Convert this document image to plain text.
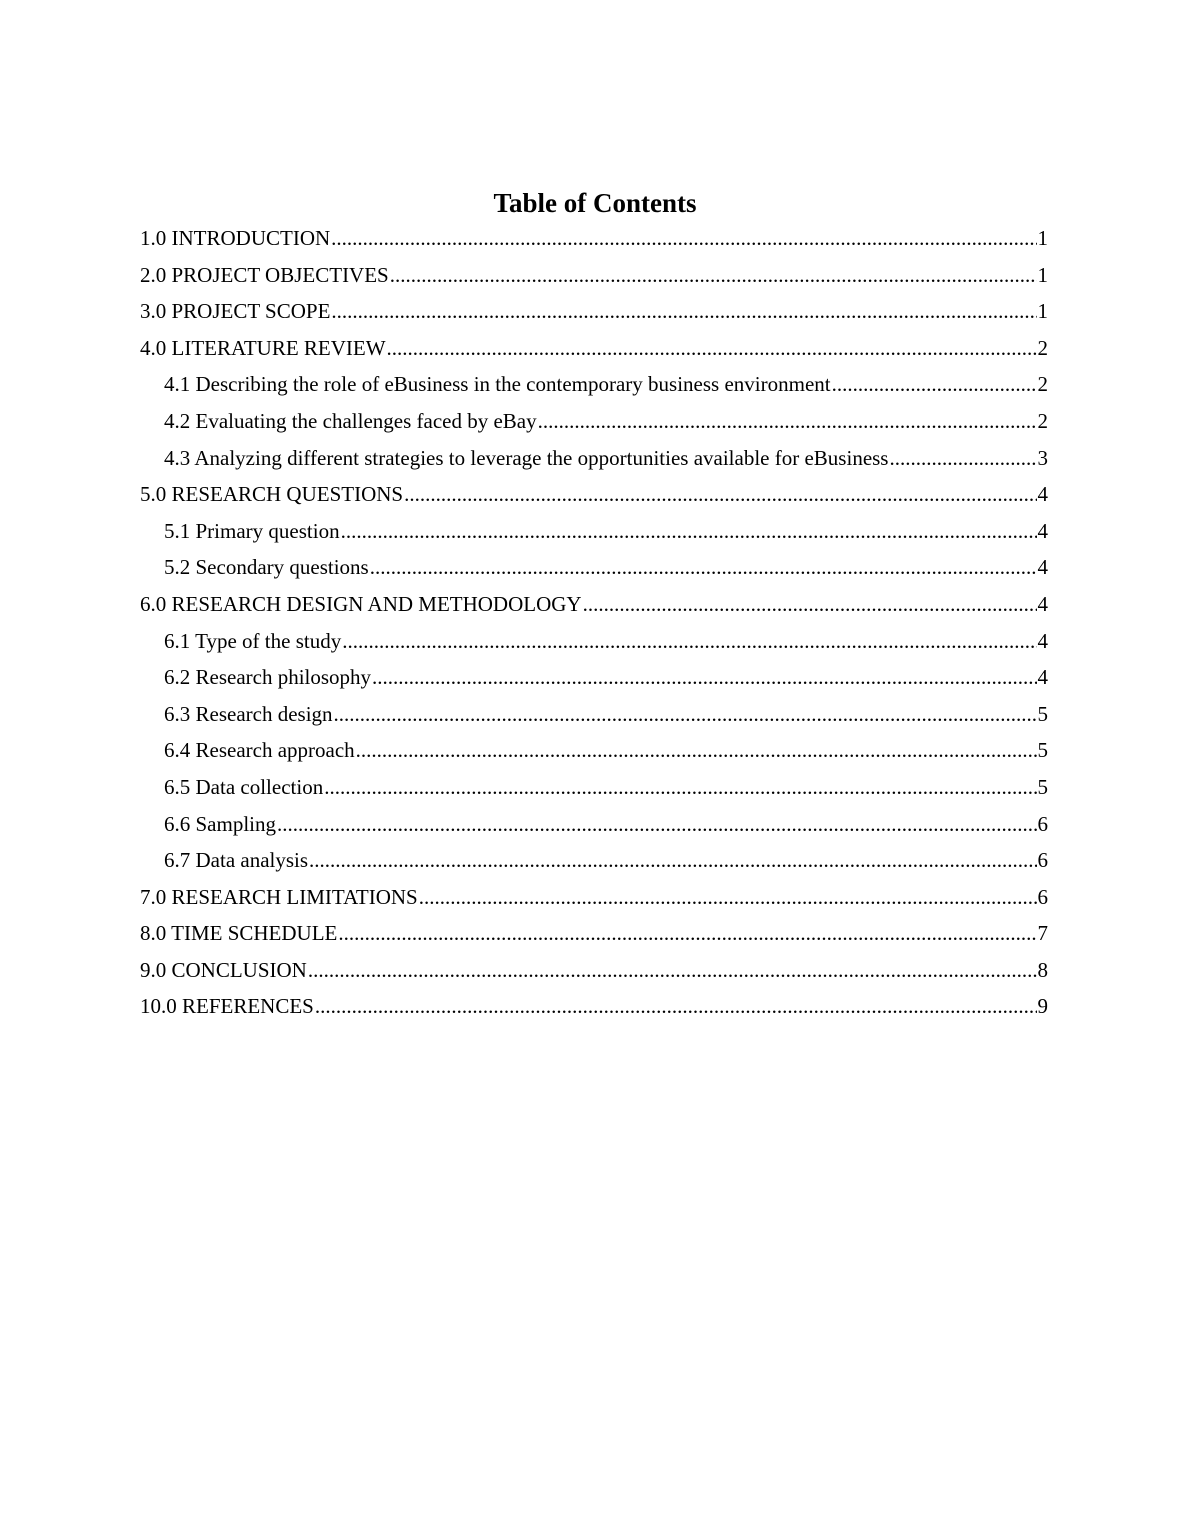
Table of Contents
1.0 INTRODUCTION .....	1
2.0 PROJECT OBJECTIVES .....	1
3.0 PROJECT SCOPE .....	1
4.0 LITERATURE REVIEW .....	2
4.1 Describing the role of eBusiness in the contemporary business environment .....	2
4.2 Evaluating the challenges faced by eBay .....	2
4.3 Analyzing different strategies to leverage the opportunities available for eBusiness .....	3
5.0 RESEARCH QUESTIONS .....	4
5.1 Primary question .....	4
5.2 Secondary questions .....	4
6.0 RESEARCH DESIGN AND METHODOLOGY .....	4
6.1 Type of the study .....	4
6.2 Research philosophy .....	4
6.3 Research design .....	5
6.4 Research approach .....	5
6.5 Data collection .....	5
6.6 Sampling .....	6
6.7 Data analysis .....	6
7.0 RESEARCH LIMITATIONS .....	6
8.0 TIME SCHEDULE .....	7
9.0 CONCLUSION .....	8
10.0 REFERENCES .....	9
